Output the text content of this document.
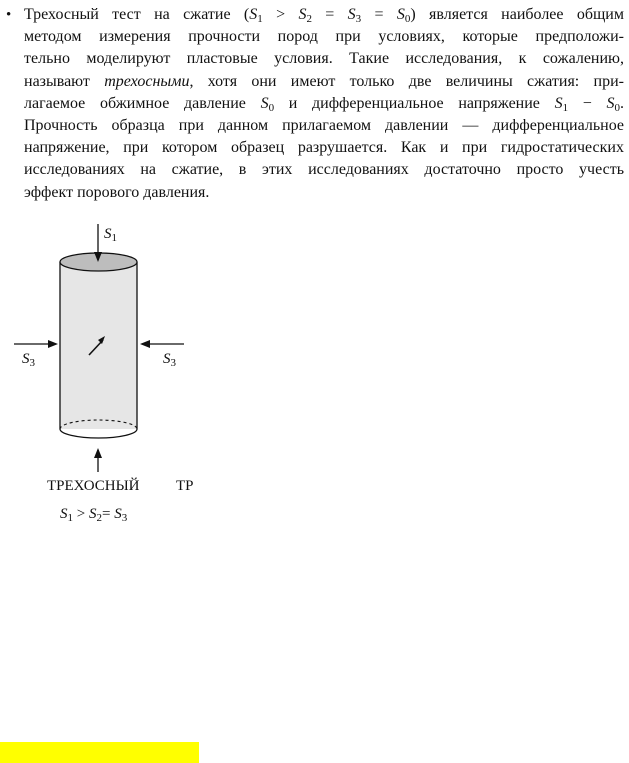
• Трехосный тест на сжатие $(S_1 > S_2 = S_3 = S_0)$ является наиболее общим
методом измерения прочности пород при условиях, которые предположи-
тельно моделируют пластовые условия. Такие исследования, к сожалению,
называют трехосными, хотя они имеют только две величины сжатия: при-
лагаемое обжимное давление $S_0$ и дифференциальное напряжение $S_1 - S_0$.
Прочность образца при данном прилагаемом давлении — дифференциальное
напряжение, при котором образец разрушается. Как и при гидростатических
исследованиях на сжатие, в этих исследованиях достаточно просто учесть
эффект порового давления.
$S_1$
$S_3$	$S_3$
ТРЕХОСНЫЙ ТР
$S_1 > S_2= S_3$
